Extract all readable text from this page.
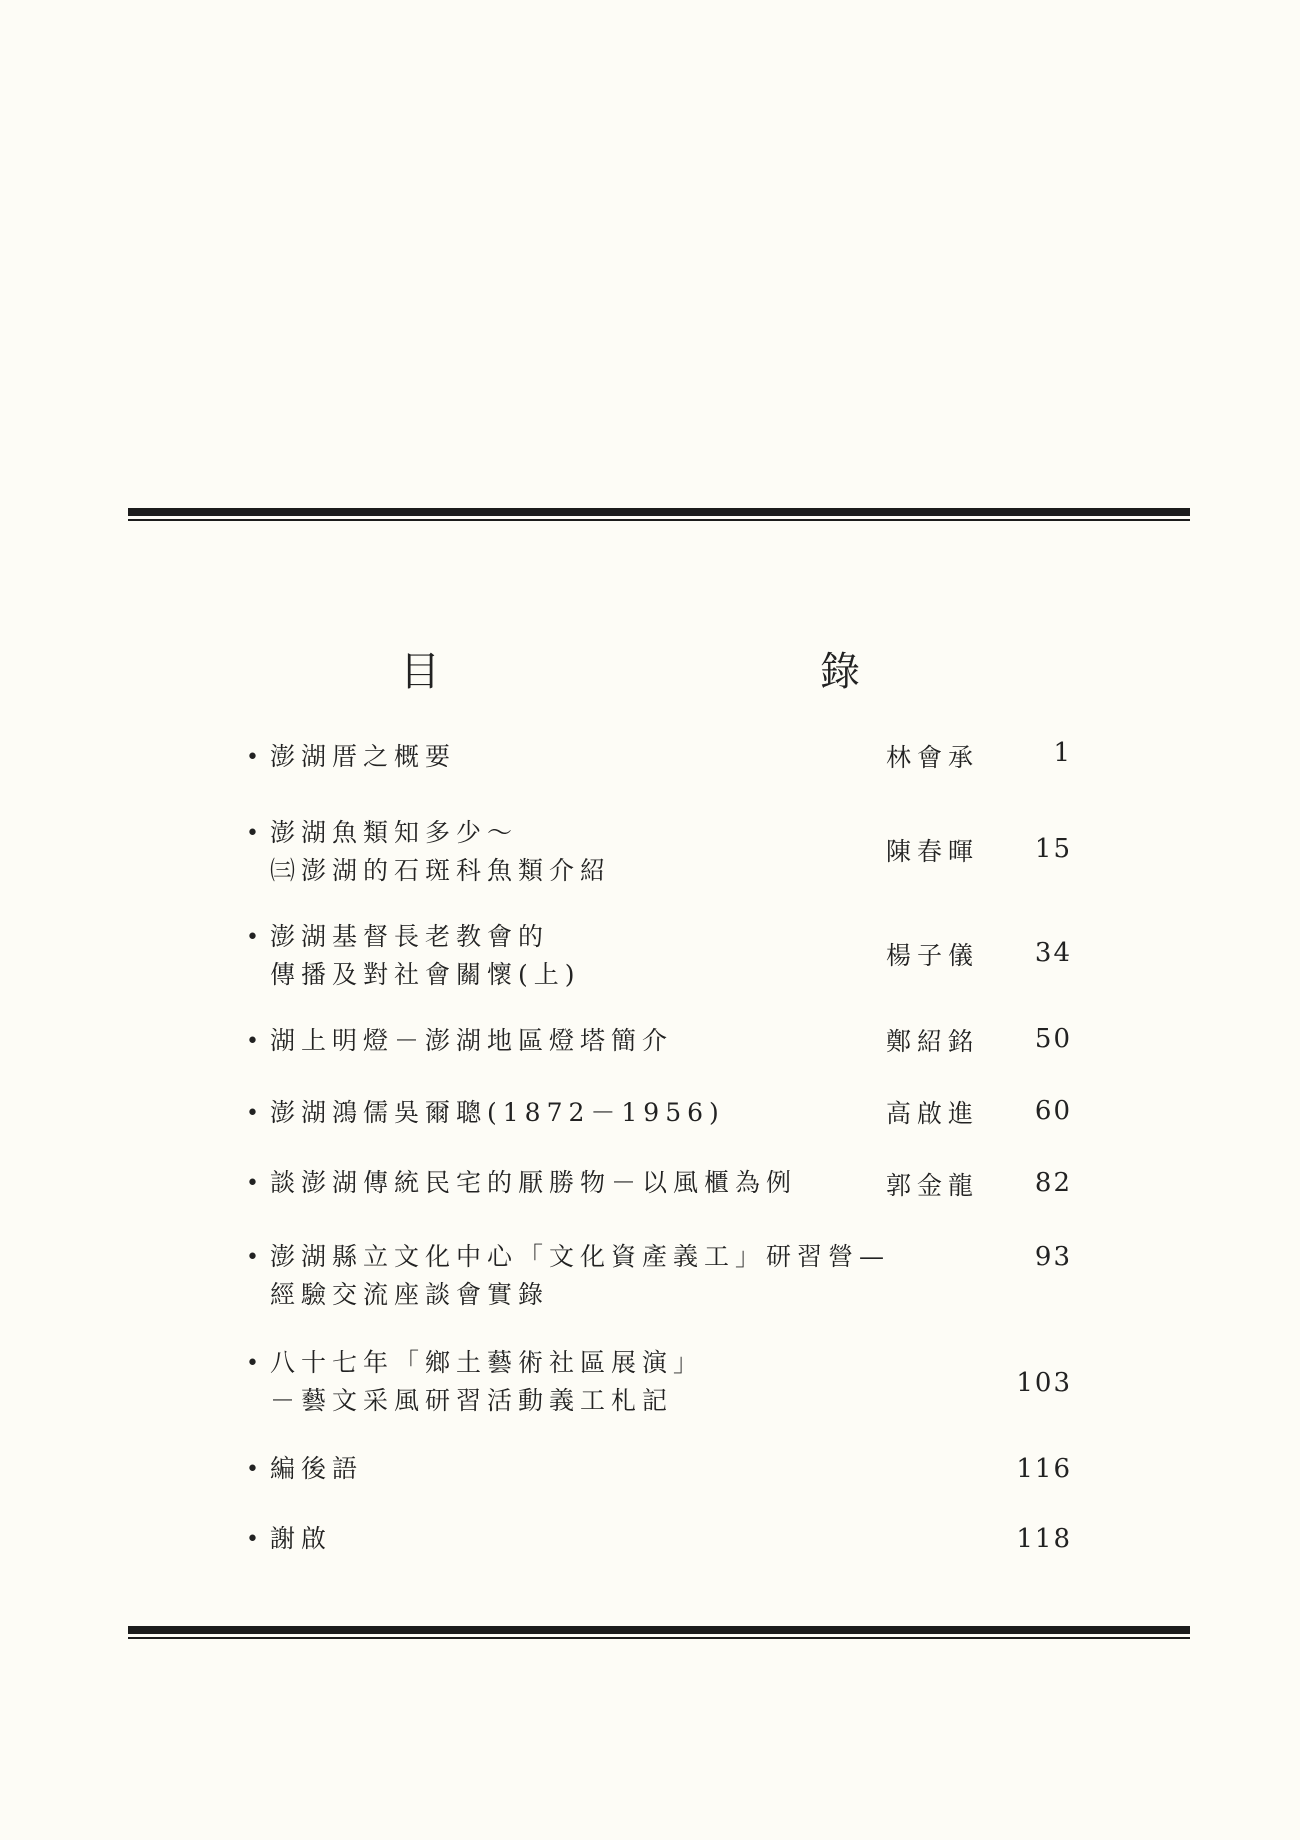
目　　錄
• 澎湖厝之概要	林會承	1
• 澎湖魚類知多少～
㈢澎湖的石斑科魚類介紹
陳春暉	15
• 澎湖基督長老教會的
傳播及對社會關懷(上)
楊子儀	34
• 湖上明燈－澎湖地區燈塔簡介	鄭紹銘	50
• 澎湖鴻儒吳爾聰(1872－1956)	高啟進	60
• 談澎湖傳統民宅的厭勝物－以風櫃為例	郭金龍	82
• 澎湖縣立文化中心「文化資產義工」研習營—
經驗交流座談會實錄
93
• 八十七年「鄉土藝術社區展演」
－藝文采風研習活動義工札記
103
• 編後語	116
• 謝啟	118
